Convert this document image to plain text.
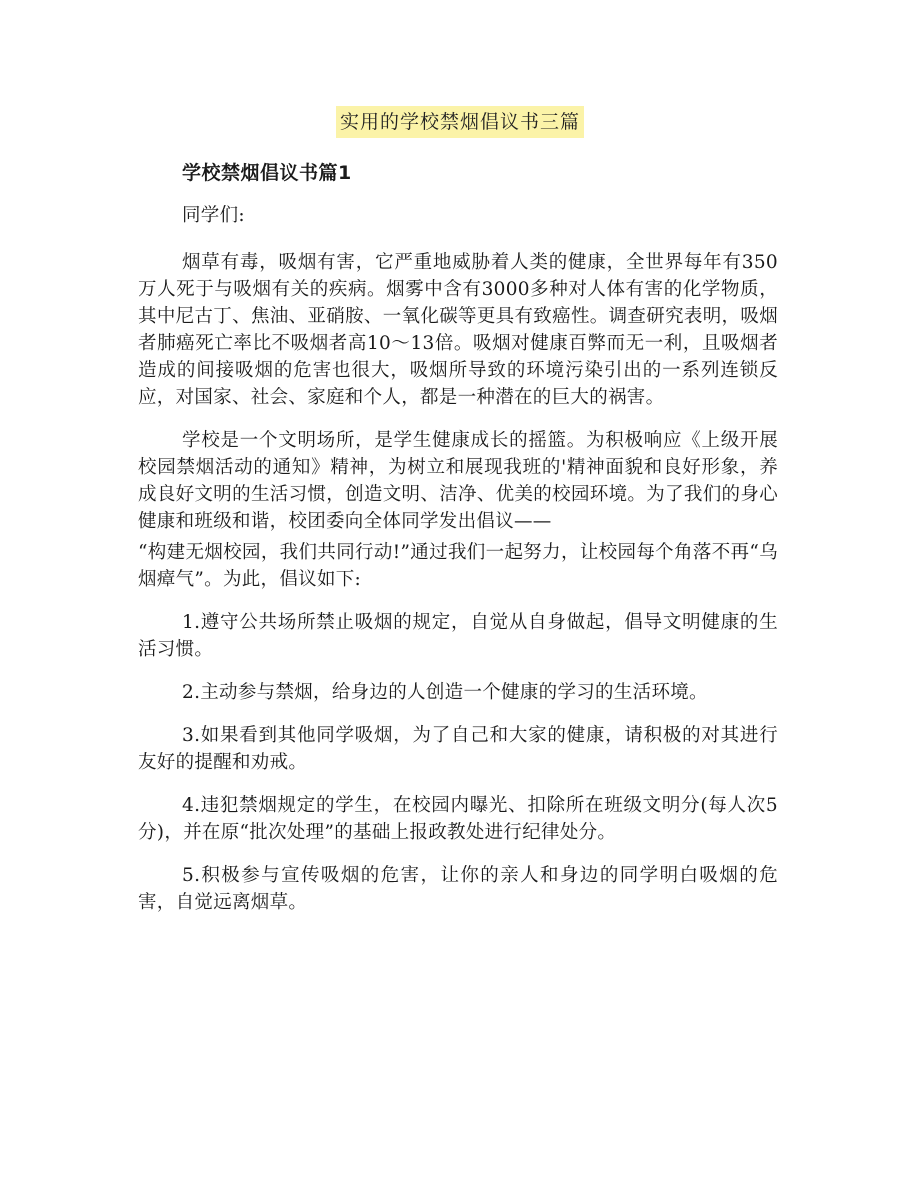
实用的学校禁烟倡议书三篇
学校禁烟倡议书篇1

同学们:

烟草有毒，吸烟有害，它严重地威胁着人类的健康，全世界每年有350万人死于与吸烟有关的疾病。烟雾中含有3000多种对人体有害的化学物质，其中尼古丁、焦油、亚硝胺、一氧化碳等更具有致癌性。调查研究表明，吸烟者肺癌死亡率比不吸烟者高10～13倍。吸烟对健康百弊而无一利，且吸烟者造成的间接吸烟的危害也很大，吸烟所导致的环境污染引出的一系列连锁反应，对国家、社会、家庭和个人，都是一种潜在的巨大的祸害。

学校是一个文明场所，是学生健康成长的摇篮。为积极响应《上级开展校园禁烟活动的通知》精神，为树立和展现我班的'精神面貌和良好形象，养成良好文明的生活习惯，创造文明、洁净、优美的校园环境。为了我们的身心健康和班级和谐，校团委向全体同学发出倡议——

“构建无烟校园，我们共同行动!”通过我们一起努力，让校园每个角落不再“乌烟瘴气”。为此，倡议如下:

1.遵守公共场所禁止吸烟的规定，自觉从自身做起，倡导文明健康的生活习惯。

2.主动参与禁烟，给身边的人创造一个健康的学习的生活环境。

3.如果看到其他同学吸烟，为了自己和大家的健康，请积极的对其进行友好的提醒和劝戒。

4.违犯禁烟规定的学生，在校园内曝光、扣除所在班级文明分(每人次5分)，并在原“批次处理”的基础上报政教处进行纪律处分。

5.积极参与宣传吸烟的危害，让你的亲人和身边的同学明白吸烟的危害，自觉远离烟草。
